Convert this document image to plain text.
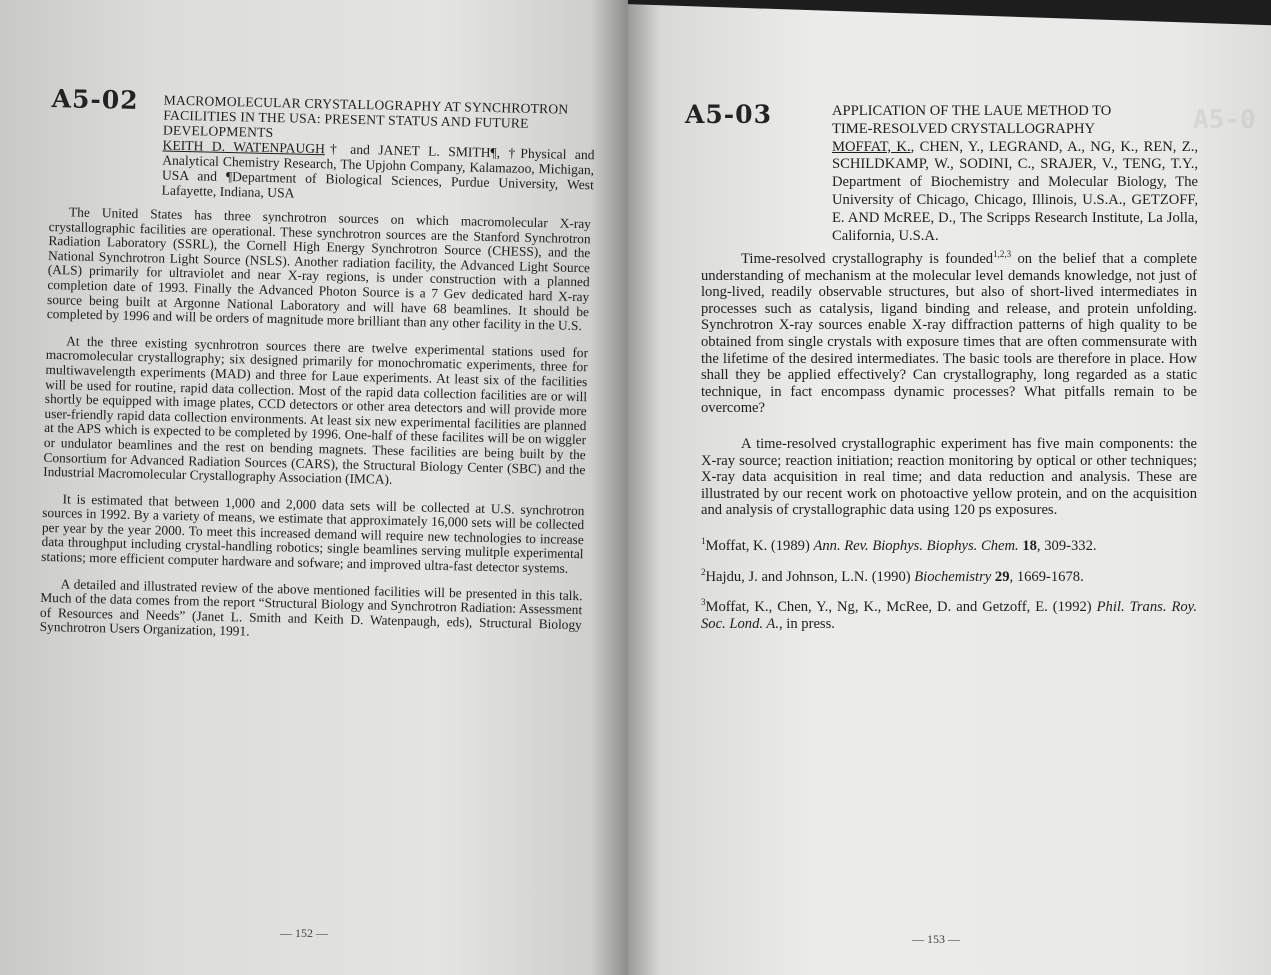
A5-02 MACROMOLECULAR CRYSTALLOGRAPHY AT SYNCHROTRON FACILITIES IN THE USA: PRESENT STATUS AND FUTURE DEVELOPMENTS
KEITH D. WATENPAUGH† and JANET L. SMITH¶, †Physical and Analytical Chemistry Research, The Upjohn Company, Kalamazoo, Michigan, USA and ¶Department of Biological Sciences, Purdue University, West Lafayette, Indiana, USA

The United States has three synchrotron sources on which macromolecular X-ray crystallographic facilities are operational. These synchrotron sources are the Stanford Synchrotron Radiation Laboratory (SSRL), the Cornell High Energy Synchrotron Source (CHESS), and the National Synchrotron Light Source (NSLS). Another radiation facility, the Advanced Light Source (ALS) primarily for ultraviolet and near X-ray regions, is under construction with a planned completion date of 1993. Finally the Advanced Photon Source is a 7 Gev dedicated hard X-ray source being built at Argonne National Laboratory and will have 68 beamlines. It should be completed by 1996 and will be orders of magnitude more brilliant than any other facility in the U.S.

At the three existing sycnhrotron sources there are twelve experimental stations used for macromolecular crystallography; six designed primarily for monochromatic experiments, three for multiwavelength experiments (MAD) and three for Laue experiments. At least six of the facilities will be used for routine, rapid data collection. Most of the rapid data collection facilities are or will shortly be equipped with image plates, CCD detectors or other area detectors and will provide more user-friendly rapid data collection environments. At least six new experimental facilities are planned at the APS which is expected to be completed by 1996. One-half of these facilites will be on wiggler or undulator beamlines and the rest on bending magnets. These facilities are being built by the Consortium for Advanced Radiation Sources (CARS), the Structural Biology Center (SBC) and the Industrial Macromolecular Crystallography Association (IMCA).

It is estimated that between 1,000 and 2,000 data sets will be collected at U.S. synchrotron sources in 1992. By a variety of means, we estimate that approximately 16,000 sets will be collected per year by the year 2000. To meet this increased demand will require new technologies to increase data throughput including crystal-handling robotics; single beamlines serving mulitple experimental stations; more efficient computer hardware and sofware; and improved ultra-fast detector systems.

A detailed and illustrated review of the above mentioned facilities will be presented in this talk. Much of the data comes from the report “Structural Biology and Synchrotron Radiation: Assessment of Resources and Needs” (Janet L. Smith and Keith D. Watenpaugh, eds), Structural Biology Synchrotron Users Organization, 1991.

— 152 —
A5-0
A5-03	APPLICATION OF THE LAUE METHOD TO
TIME-RESOLVED CRYSTALLOGRAPHY
MOFFAT, K., CHEN, Y., LEGRAND, A., NG, K., REN, Z., SCHILDKAMP, W., SODINI, C., SRAJER, V., TENG, T.Y., Department of Biochemistry and Molecular Biology, The University of Chicago, Chicago, Illinois, U.S.A., GETZOFF, E. AND McREE, D., The Scripps Research Institute, La Jolla, California, U.S.A.

Time-resolved crystallography is founded$^{1,2,3}$ on the belief that a complete understanding of mechanism at the molecular level demands knowledge, not just of long-lived, readily observable structures, but also of short-lived intermediates in processes such as catalysis, ligand binding and release, and protein unfolding. Synchrotron X-ray sources enable X-ray diffraction patterns of high quality to be obtained from single crystals with exposure times that are often commensurate with the lifetime of the desired intermediates. The basic tools are therefore in place. How shall they be applied effectively? Can crystallography, long regarded as a static technique, in fact encompass dynamic processes? What pitfalls remain to be overcome?

A time-resolved crystallographic experiment has five main components: the X-ray source; reaction initiation; reaction monitoring by optical or other techniques; X-ray data acquisition in real time; and data reduction and analysis. These are illustrated by our recent work on photoactive yellow protein, and on the acquisition and analysis of crystallographic data using 120 ps exposures.

$^1$Moffat, K. (1989) Ann. Rev. Biophys. Biophys. Chem. 18, 309-332.

$^2$Hajdu, J. and Johnson, L.N. (1990) Biochemistry 29, 1669-1678.

$^3$Moffat, K., Chen, Y., Ng, K., McRee, D. and Getzoff, E. (1992) Phil. Trans. Roy. Soc. Lond. A., in press.

— 153 —
